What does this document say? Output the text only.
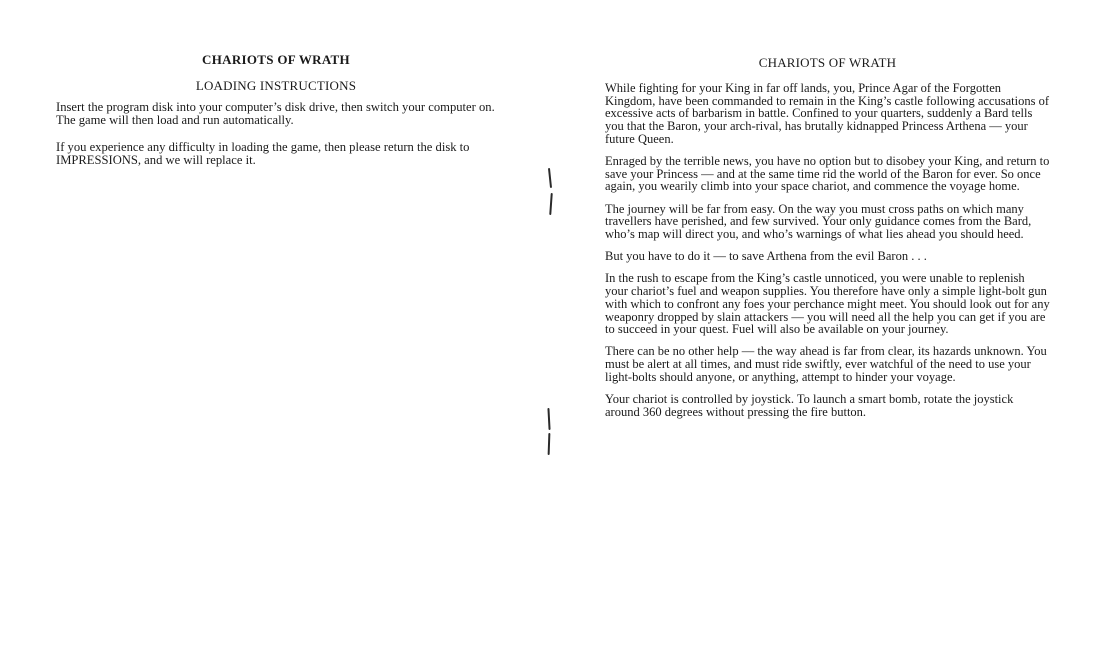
CHARIOTS OF WRATH
LOADING INSTRUCTIONS

Insert the program disk into your computer’s disk drive, then switch your computer on. The game will then load and run automatically.

If you experience any difficulty in loading the game, then please return the disk to IMPRESSIONS, and we will replace it.

CHARIOTS OF WRATH

While fighting for your King in far off lands, you, Prince Agar of the Forgotten Kingdom, have been commanded to remain in the King’s castle following accusations of excessive acts of barbarism in battle. Confined to your quarters, suddenly a Bard tells you that the Baron, your arch-rival, has brutally kidnapped Princess Arthena — your future Queen.

Enraged by the terrible news, you have no option but to disobey your King, and return to save your Princess — and at the same time rid the world of the Baron for ever. So once again, you wearily climb into your space chariot, and commence the voyage home.

The journey will be far from easy. On the way you must cross paths on which many travellers have perished, and few survived. Your only guidance comes from the Bard, who’s map will direct you, and who’s warnings of what lies ahead you should heed.

But you have to do it — to save Arthena from the evil Baron . . .

In the rush to escape from the King’s castle unnoticed, you were unable to replenish your chariot’s fuel and weapon supplies. You therefore have only a simple light-bolt gun with which to confront any foes your perchance might meet. You should look out for any weaponry dropped by slain attackers — you will need all the help you can get if you are to succeed in your quest. Fuel will also be available on your journey.

There can be no other help — the way ahead is far from clear, its hazards unknown. You must be alert at all times, and must ride swiftly, ever watchful of the need to use your light-bolts should anyone, or anything, attempt to hinder your voyage.

Your chariot is controlled by joystick. To launch a smart bomb, rotate the joystick around 360 degrees without pressing the fire button.
